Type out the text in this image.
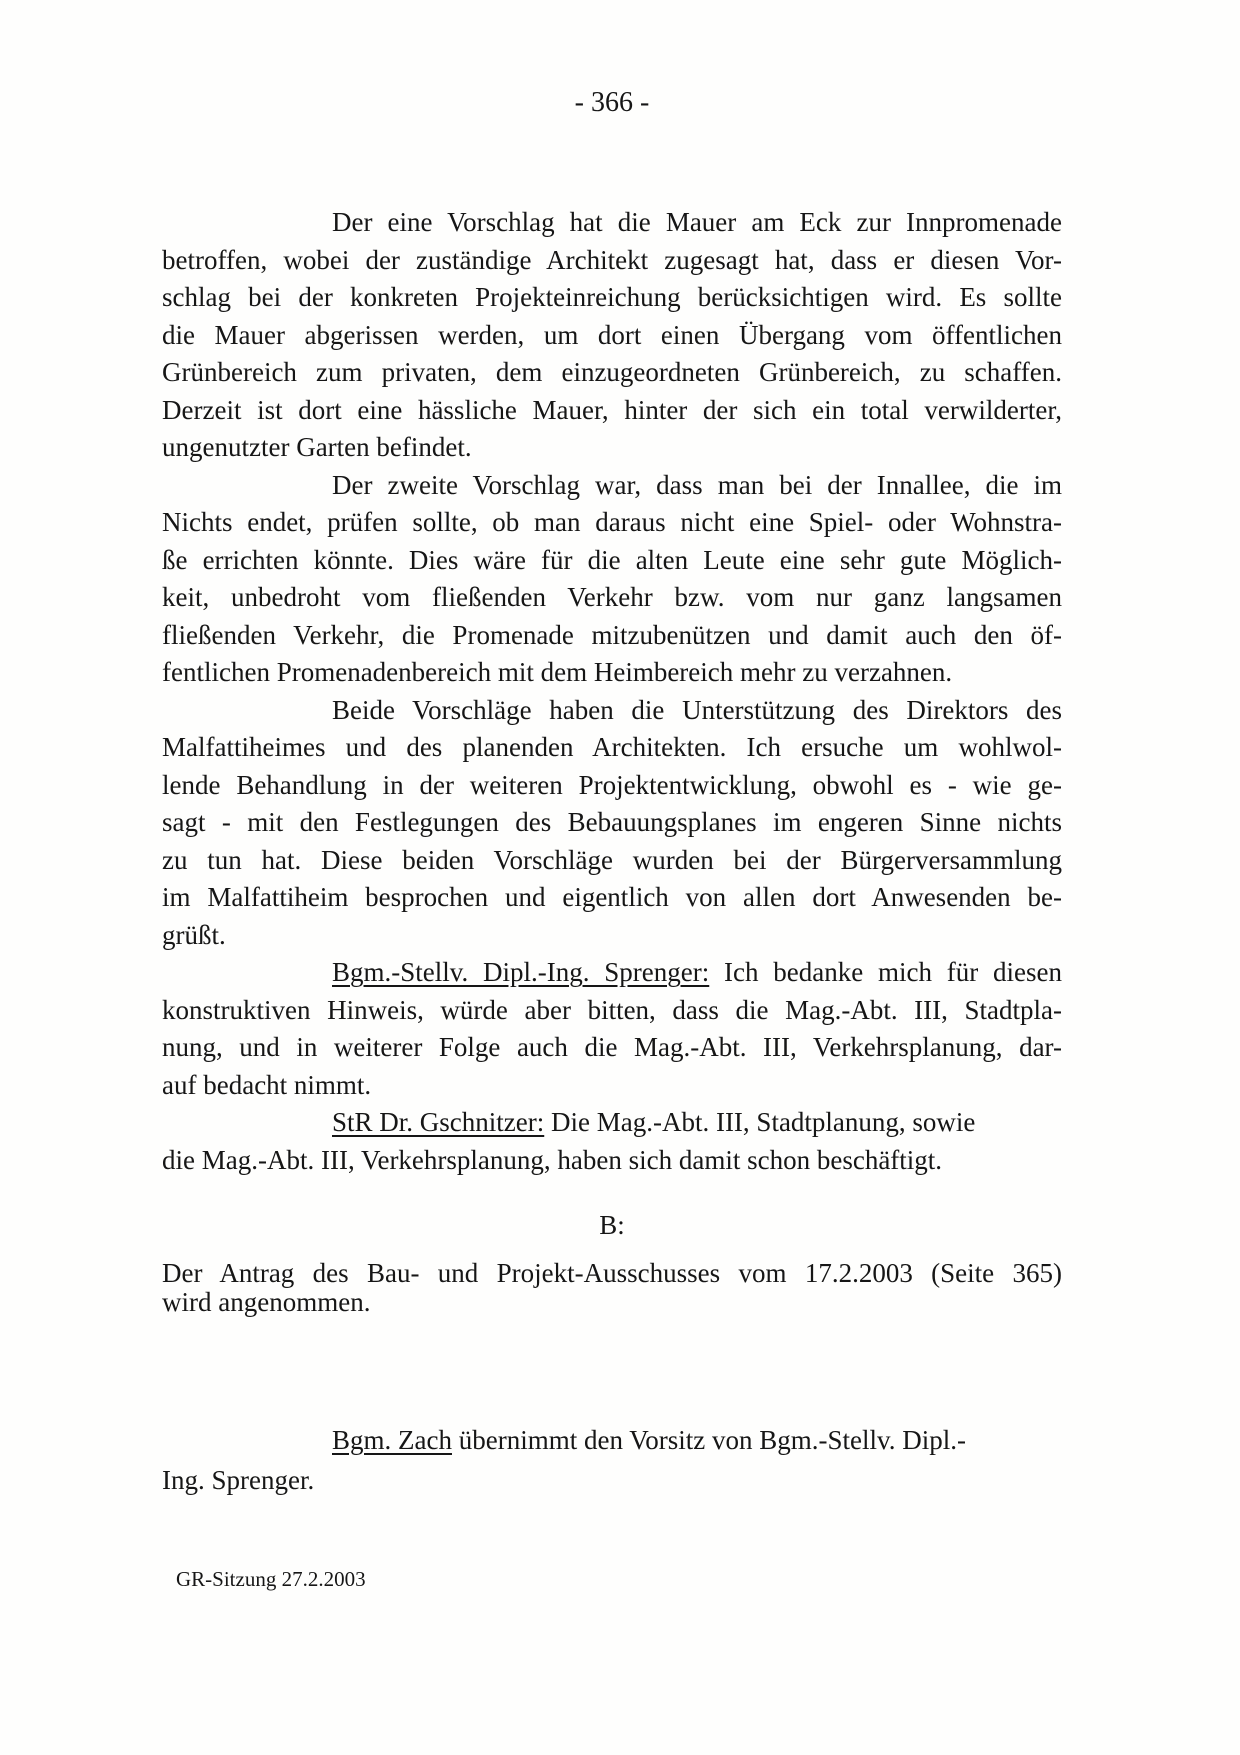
- 366 -
Der eine Vorschlag hat die Mauer am Eck zur Innpromenade
betroffen, wobei der zuständige Architekt zugesagt hat, dass er diesen Vor-
schlag bei der konkreten Projekteinreichung berücksichtigen wird. Es sollte
die Mauer abgerissen werden, um dort einen Übergang vom öffentlichen
Grünbereich zum privaten, dem einzugeordneten Grünbereich, zu schaffen.
Derzeit ist dort eine hässliche Mauer, hinter der sich ein total verwilderter,
ungenutzter Garten befindet.
Der zweite Vorschlag war, dass man bei der Innallee, die im
Nichts endet, prüfen sollte, ob man daraus nicht eine Spiel- oder Wohnstra-
ße errichten könnte. Dies wäre für die alten Leute eine sehr gute Möglich-
keit, unbedroht vom fließenden Verkehr bzw. vom nur ganz langsamen
fließenden Verkehr, die Promenade mitzubenützen und damit auch den öf-
fentlichen Promenadenbereich mit dem Heimbereich mehr zu verzahnen.
Beide Vorschläge haben die Unterstützung des Direktors des
Malfattiheimes und des planenden Architekten. Ich ersuche um wohlwol-
lende Behandlung in der weiteren Projektentwicklung, obwohl es - wie ge-
sagt - mit den Festlegungen des Bebauungsplanes im engeren Sinne nichts
zu tun hat. Diese beiden Vorschläge wurden bei der Bürgerversammlung
im Malfattiheim besprochen und eigentlich von allen dort Anwesenden be-
grüßt.
Bgm.-Stellv. Dipl.-Ing. Sprenger: Ich bedanke mich für diesen
konstruktiven Hinweis, würde aber bitten, dass die Mag.-Abt. III, Stadtpla-
nung, und in weiterer Folge auch die Mag.-Abt. III, Verkehrsplanung, dar-
auf bedacht nimmt.
StR Dr. Gschnitzer: Die Mag.-Abt. III, Stadtplanung, sowie
die Mag.-Abt. III, Verkehrsplanung, haben sich damit schon beschäftigt.
B:
Der Antrag des Bau- und Projekt-Ausschusses vom 17.2.2003 (Seite 365)
wird angenommen.
Bgm. Zach übernimmt den Vorsitz von Bgm.-Stellv. Dipl.-
Ing. Sprenger.
GR-Sitzung 27.2.2003
